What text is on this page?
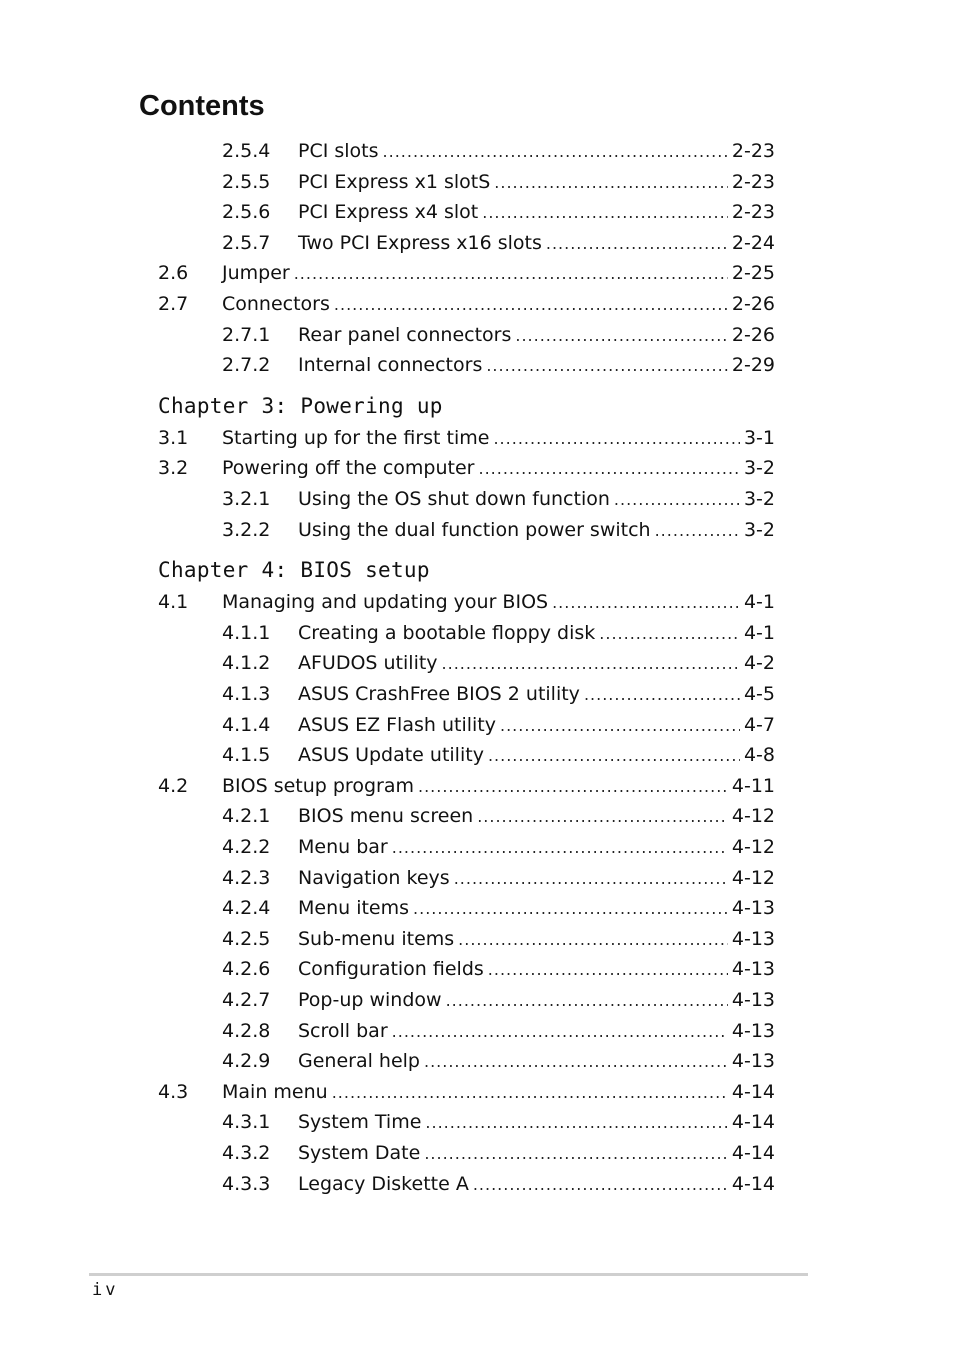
Contents
2.5.4 PCI slots .....	2-23
2.5.5 PCI Express x1 slotS .....	2-23
2.5.6 PCI Express x4 slot .....	2-23
2.5.7 Two PCI Express x16 slots .....	2-24
2.6 Jumper .....	2-25
2.7 Connectors .....	2-26
2.7.1 Rear panel connectors .....	2-26
2.7.2 Internal connectors .....	2-29
Chapter 3: Powering up
3.1 Starting up for the first time .....	3-1
3.2 Powering off the computer .....	3-2
3.2.1 Using the OS shut down function .....	3-2
3.2.2 Using the dual function power switch .....	3-2
Chapter 4: BIOS setup
4.1 Managing and updating your BIOS .....	4-1
4.1.1 Creating a bootable floppy disk .....	4-1
4.1.2 AFUDOS utility .....	4-2
4.1.3 ASUS CrashFree BIOS 2 utility .....	4-5
4.1.4 ASUS EZ Flash utility .....	4-7
4.1.5 ASUS Update utility .....	4-8
4.2 BIOS setup program .....	4-11
4.2.1 BIOS menu screen .....	4-12
4.2.2 Menu bar .....	4-12
4.2.3 Navigation keys .....	4-12
4.2.4 Menu items .....	4-13
4.2.5 Sub-menu items .....	4-13
4.2.6 Configuration fields .....	4-13
4.2.7 Pop-up window .....	4-13
4.2.8 Scroll bar .....	4-13
4.2.9 General help .....	4-13
4.3 Main menu .....	4-14
4.3.1 System Time .....	4-14
4.3.2 System Date .....	4-14
4.3.3 Legacy Diskette A .....	4-14
iv
